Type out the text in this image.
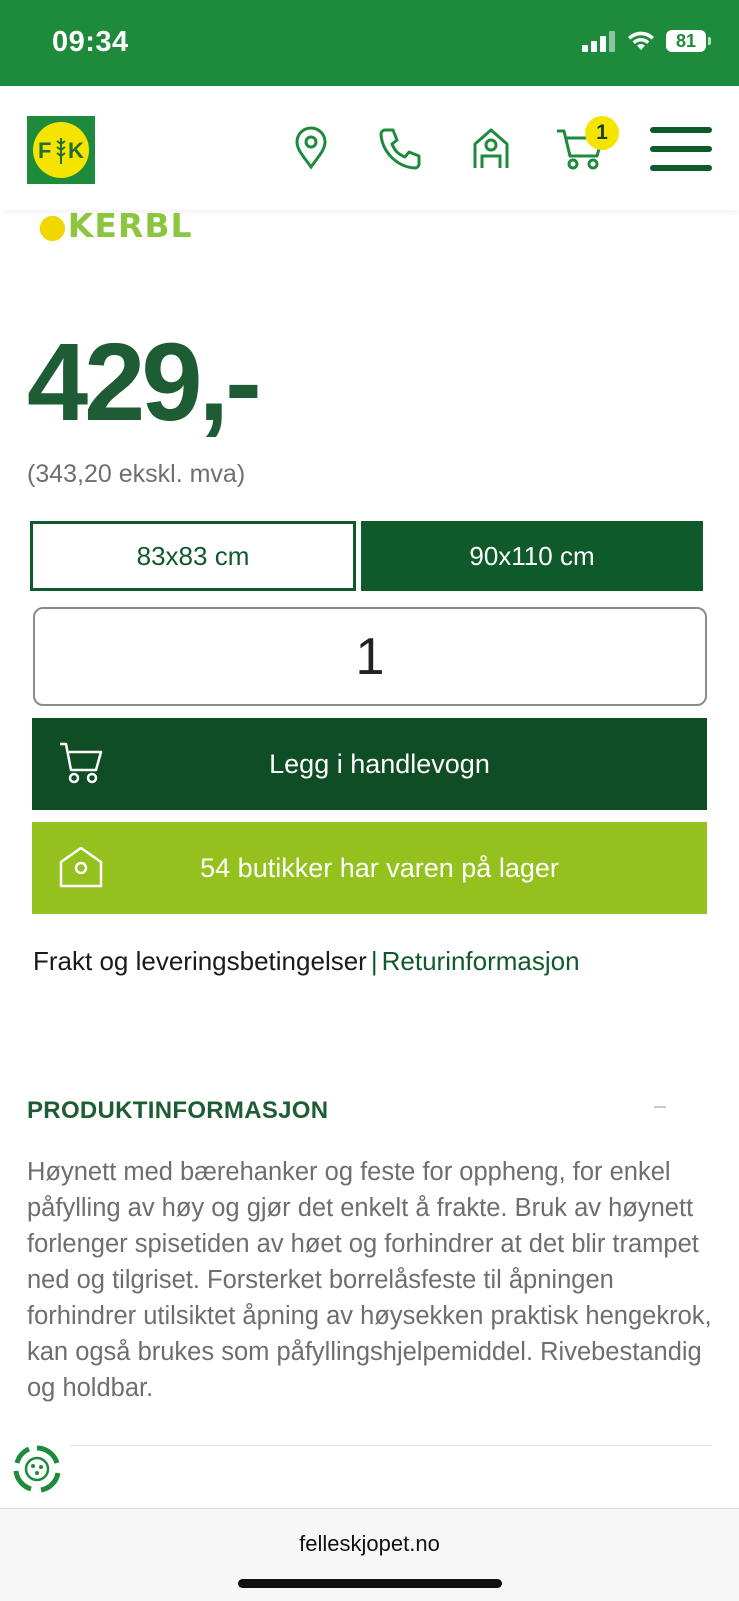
09:34	81
F K
1
●KERBL
429,-
(343,20 ekskl. mva)
83x83 cm	90x110 cm
1
Legg i handlevogn
54 butikker har varen på lager
Frakt og leveringsbetingelser | Returinformasjon
PRODUKTINFORMASJON
Høynett med bærehanker og feste for oppheng, for enkel påfylling av høy og gjør det enkelt å frakte. Bruk av høynett forlenger spisetiden av høet og forhindrer at det blir trampet ned og tilgriset. Forsterket borrelåsfeste til åpningen forhindrer utilsiktet åpning av høysekken praktisk hengekrok, kan også brukes som påfyllingshjelpemiddel. Rivebestandig og holdbar.
felleskjopet.no
